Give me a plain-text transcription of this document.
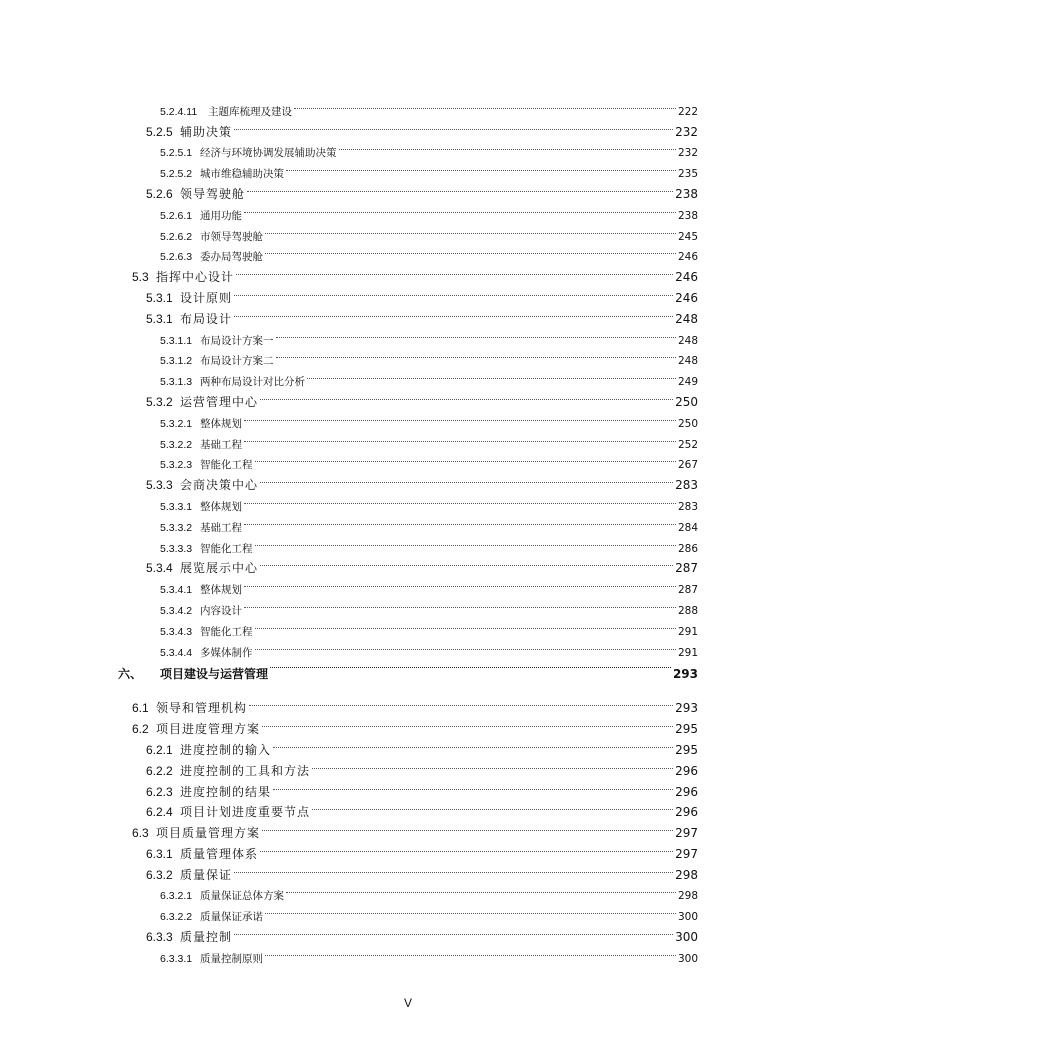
5.2.4.11	主题库梳理及建设	222
5.2.5 辅助决策	232
5.2.5.1 经济与环境协调发展辅助决策	232
5.2.5.2 城市维稳辅助决策	235
5.2.6 领导驾驶舱	238
5.2.6.1 通用功能	238
5.2.6.2 市领导驾驶舱	245
5.2.6.3 委办局驾驶舱	246
5.3 指挥中心设计	246
5.3.1 设计原则	246
5.3.1 布局设计	248
5.3.1.1 布局设计方案一	248
5.3.1.2 布局设计方案二	248
5.3.1.3 两种布局设计对比分析	249
5.3.2 运营管理中心	250
5.3.2.1 整体规划	250
5.3.2.2 基础工程	252
5.3.2.3 智能化工程	267
5.3.3 会商决策中心	283
5.3.3.1 整体规划	283
5.3.3.2 基础工程	284
5.3.3.3 智能化工程	286
5.3.4 展览展示中心	287
5.3.4.1 整体规划	287
5.3.4.2 内容设计	288
5.3.4.3 智能化工程	291
5.3.4.4 多媒体制作	291
六、	项目建设与运营管理	293
6.1 领导和管理机构	293
6.2 项目进度管理方案	295
6.2.1 进度控制的输入	295
6.2.2 进度控制的工具和方法	296
6.2.3 进度控制的结果	296
6.2.4 项目计划进度重要节点	296
6.3 项目质量管理方案	297
6.3.1 质量管理体系	297
6.3.2 质量保证	298
6.3.2.1 质量保证总体方案	298
6.3.2.2 质量保证承诺	300
6.3.3 质量控制	300
6.3.3.1 质量控制原则	300
V
